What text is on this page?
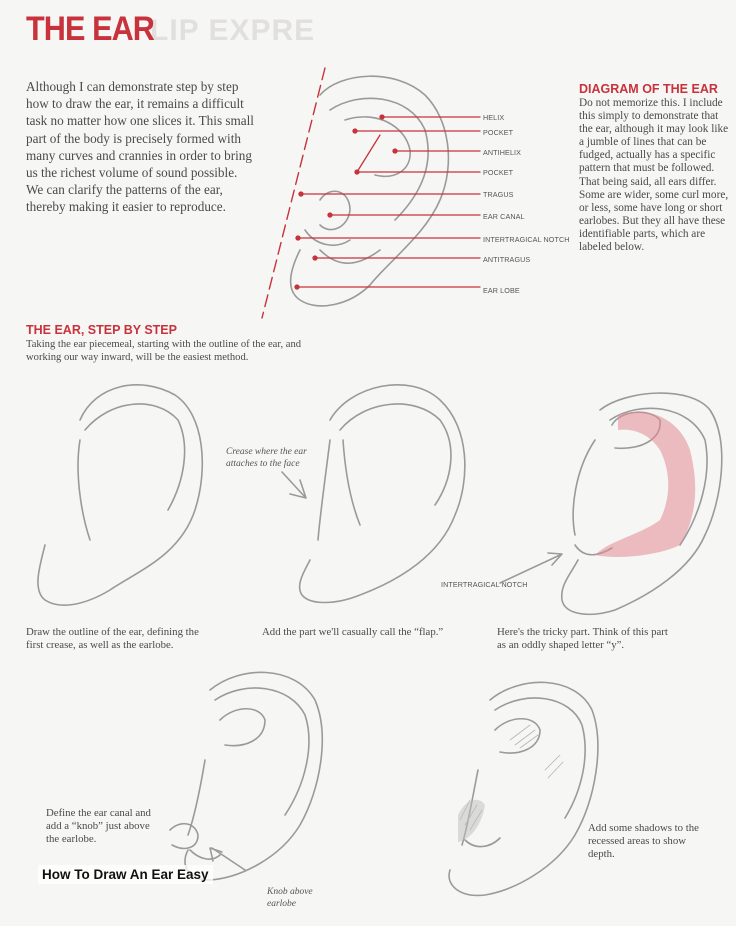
LIP EXPRE
THE EAR
Although I can demonstrate step by step how to draw the ear, it remains a difficult task no matter how one slices it. This small part of the body is precisely formed with many curves and crannies in order to bring us the richest volume of sound possible. We can clarify the patterns of the ear, thereby making it easier to reproduce.
DIAGRAM OF THE EAR
Do not memorize this. I include this simply to demonstrate that the ear, although it may look like a jumble of lines that can be fudged, actually has a specific pattern that must be followed. That being said, all ears differ. Some are wider, some curl more, or less, some have long or short earlobes. But they all have these identifiable parts, which are labeled below.
HELIX
POCKET
ANTIHELIX
POCKET
TRAGUS
EAR CANAL
INTERTRAGICAL NOTCH
ANTITRAGUS
EAR LOBE
THE EAR, STEP BY STEP
Taking the ear piecemeal, starting with the outline of the ear, and working our way inward, will be the easiest method.
Draw the outline of the ear, defining the first crease, as well as the earlobe.
Add the part we'll casually call the “flap.”
Crease where the ear attaches to the face
Here's the tricky part. Think of this part as an oddly shaped letter “y”.
INTERTRAGICAL NOTCH
Define the ear canal and add a “knob” just above the earlobe.
Knob above earlobe
Add some shadows to the recessed areas to show depth.
How To Draw An Ear Easy
